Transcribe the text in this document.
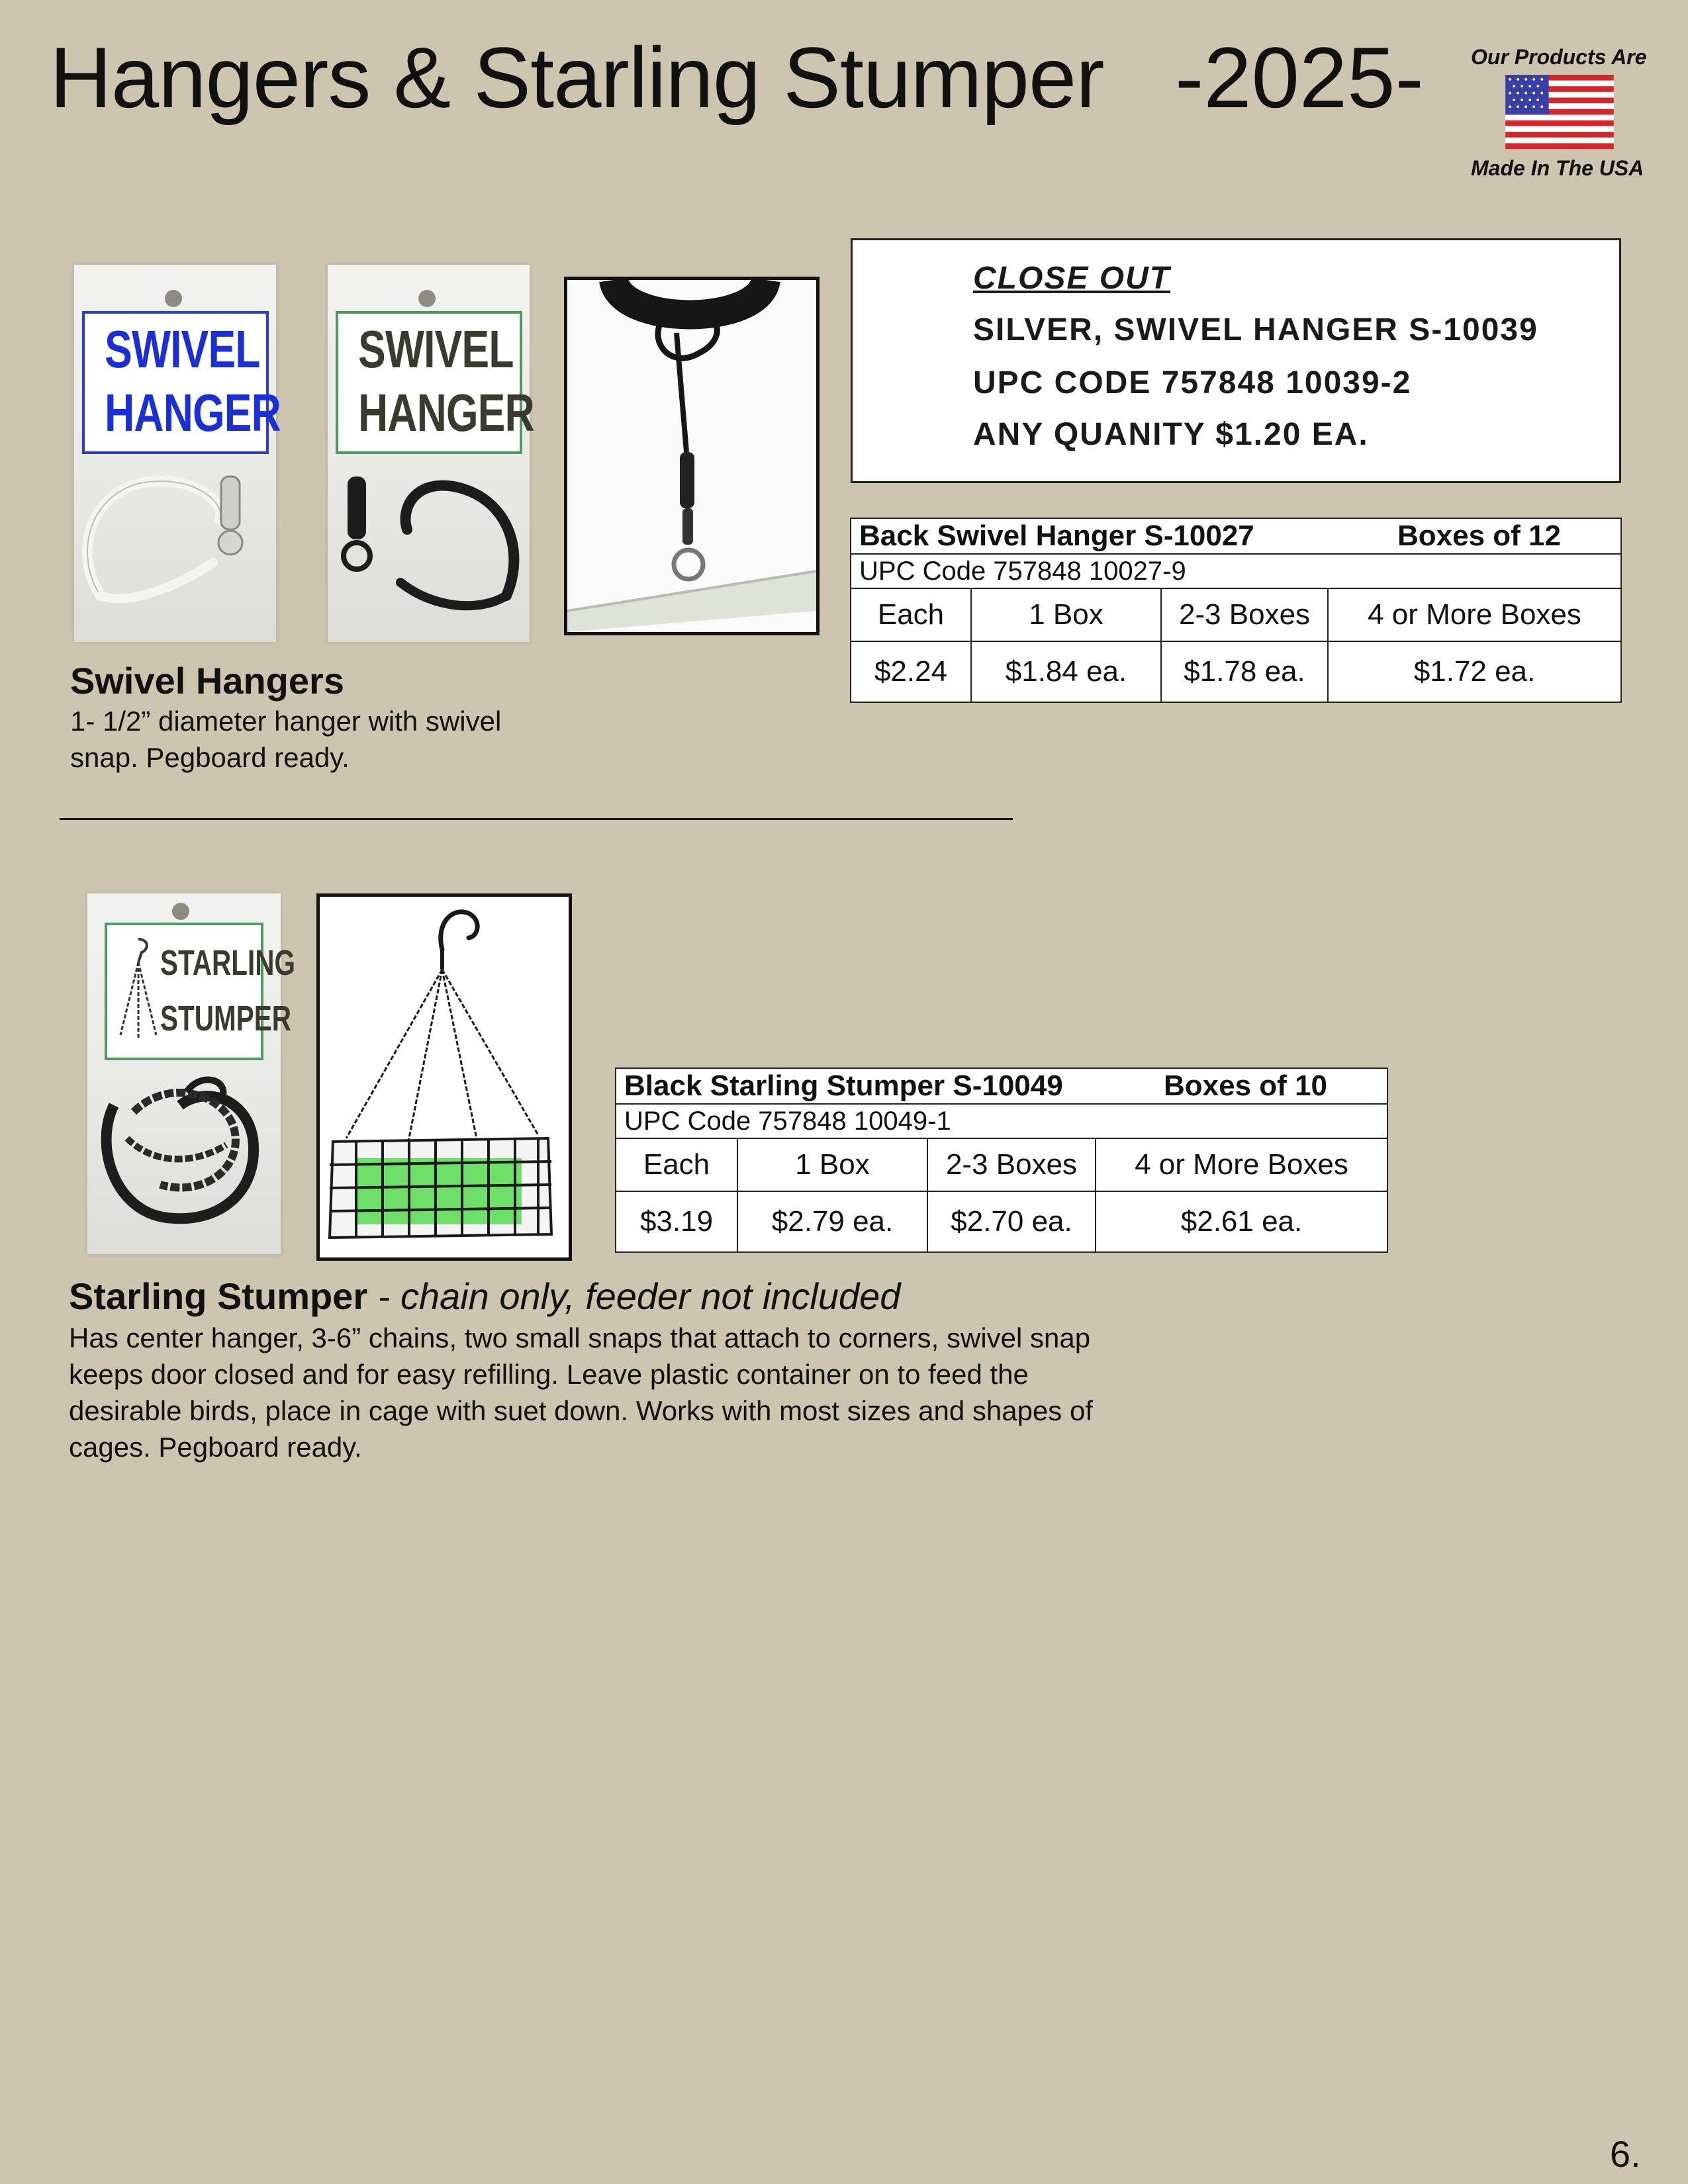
Hangers & Starling Stumper -2025- Our Products Are
Made In The USA
SWIVEL
HANGER
SWIVEL
HANGER
CLOSE OUT
SILVER, SWIVEL HANGER S-10039
UPC CODE 757848 10039-2
ANY QUANITY $1.20 EA.
Back Swivel Hanger S-10027 Boxes of 12			

UPC Code 757848 10027-9			
Each	1 Box	2-3 Boxes	4 or More Boxes
$2.24	$1.84 ea.	$1.78 ea.	$1.72 ea.
Swivel Hangers
1- 1/2” diameter hanger with swivel
snap. Pegboard ready.
STARLING
STUMPER
Black Starling Stumper S-10049 Boxes of 10			

UPC Code 757848 10049-1			
Each	1 Box	2-3 Boxes	4 or More Boxes
$3.19	$2.79 ea.	$2.70 ea.	$2.61 ea.
Starling Stumper - chain only, feeder not included
Has center hanger, 3-6” chains, two small snaps that attach to corners, swivel snap
keeps door closed and for easy refilling. Leave plastic container on to feed the
desirable birds, place in cage with suet down. Works with most sizes and shapes of
cages. Pegboard ready.
6.
